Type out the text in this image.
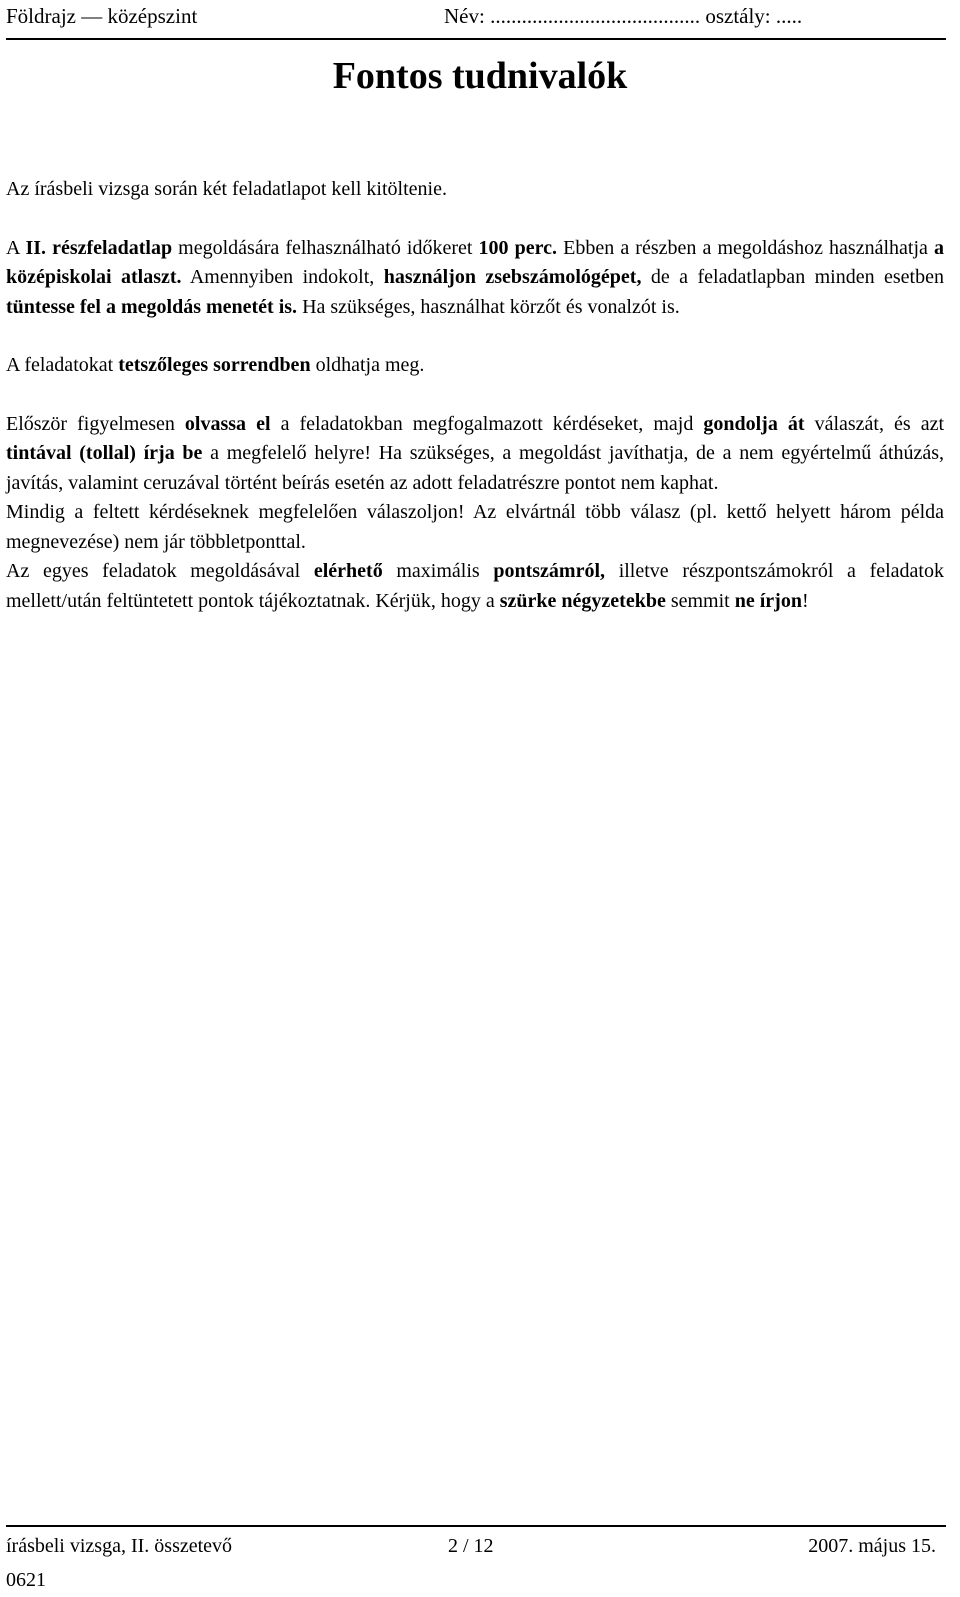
Földrajz — középszint	Név: ........................................ osztály: .....
Fontos tudnivalók

Az írásbeli vizsga során két feladatlapot kell kitöltenie.

A II. részfeladatlap megoldására felhasználható időkeret 100 perc. Ebben a részben a megoldáshoz használhatja a középiskolai atlaszt. Amennyiben indokolt, használjon zsebszámológépet, de a feladatlapban minden esetben tüntesse fel a megoldás menetét is. Ha szükséges, használhat körzőt és vonalzót is.

A feladatokat tetszőleges sorrendben oldhatja meg.

Először figyelmesen olvassa el a feladatokban megfogalmazott kérdéseket, majd gondolja át válaszát, és azt tintával (tollal) írja be a megfelelő helyre! Ha szükséges, a megoldást javíthatja, de a nem egyértelmű áthúzás, javítás, valamint ceruzával történt beírás esetén az adott feladatrészre pontot nem kaphat.

Mindig a feltett kérdéseknek megfelelően válaszoljon! Az elvártnál több válasz (pl. kettő helyett három példa megnevezése) nem jár többletponttal.

Az egyes feladatok megoldásával elérhető maximális pontszámról, illetve részpontszámokról a feladatok mellett/után feltüntetett pontok tájékoztatnak. Kérjük, hogy a szürke négyzetekbe semmit ne írjon!

írásbeli vizsga, II. összetevő	2 / 12	2007. május 15.
0621
